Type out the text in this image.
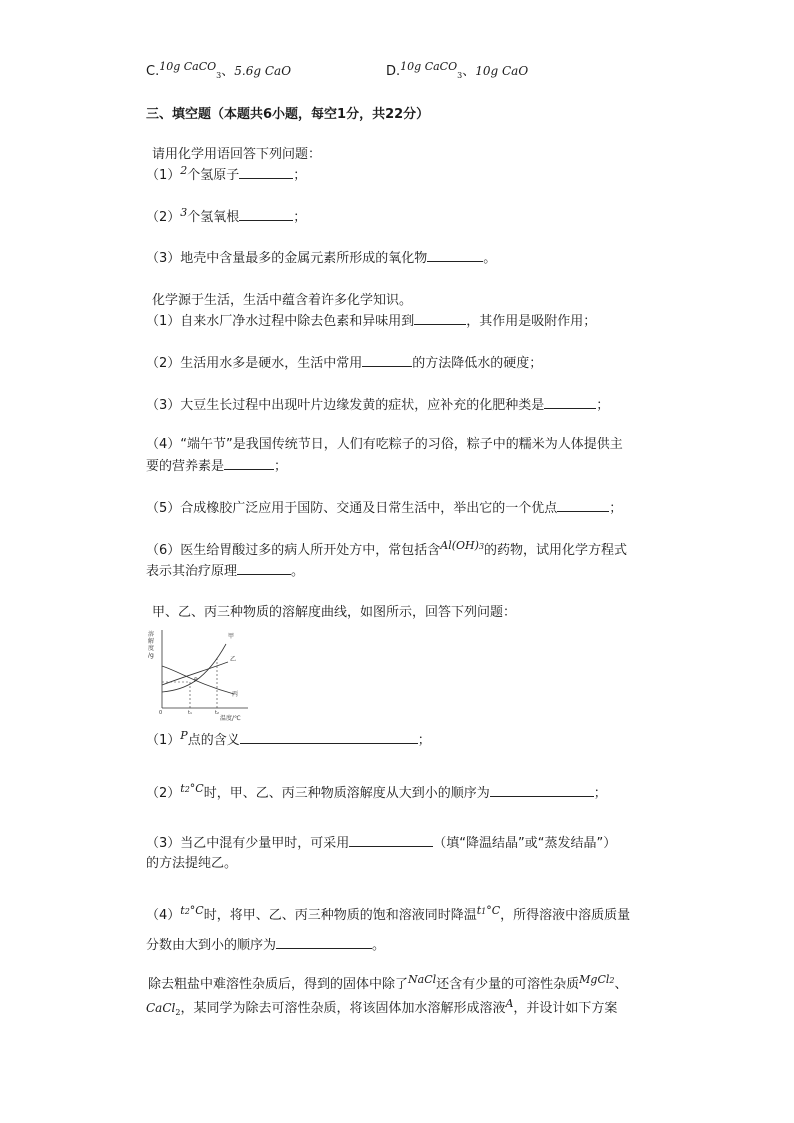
C.10g CaCO$_3$、5.6g CaO	D.10g CaCO$_3$、10g CaO
三、填空题（本题共6小题，每空1分，共22分）
请用化学用语回答下列问题：
$(1)^2$个氢原子	；
$(2)^3$个氢氧根	；
（3）地壳中含量最多的金属元素所形成的氧化物	。
化学源于生活，生活中蕴含着许多化学知识。
（1）自来水厂净水过程中除去色素和异味用到	，其作用是吸附作用；
（2）生活用水多是硬水，生活中常用	的方法降低水的硬度；
（3）大豆生长过程中出现叶片边缘发黄的症状，应补充的化肥种类是	；
（4）“端午节”是我国传统节日，人们有吃粽子的习俗，粽子中的糯米为人体提供主
要的营养素是	；
（5）合成橡胶广泛应用于国防、交通及日常生活中，举出它的一个优点	；
（6）医生给胃酸过多的病人所开处方中，常包括含$^{Al(OH)3}$的药物，试用化学方程式
表示其治疗原理	。
甲、乙、丙三种物质的溶解度曲线，如图所示，回答下列问题：
溶
解
度
/g
甲
乙
丙
P
0	t₁	t₂
温度/℃
$(1)^P$点的含义	；
$(2)^{t2^\circ C}$时，甲、乙、丙三种物质溶解度从大到小的顺序为	；
（3）当乙中混有少量甲时，可采用	（填“降温结晶”或“蒸发结晶”）
的方法提纯乙。
$(4)^{t2^\circ C}$时，将甲、乙、丙三种物质的饱和溶液同时降温$^{t1^\circ C}$，所得溶液中溶质质量
分数由大到小的顺序为	。
除去粗盐中难溶性杂质后，得到的固体中除了$^{NaCl}$还含有少量的可溶性杂质$^{MgCl2}$、
CaCl$_2$，某同学为除去可溶性杂质，将该固体加水溶解形成溶液$^A$，并设计如下方案
